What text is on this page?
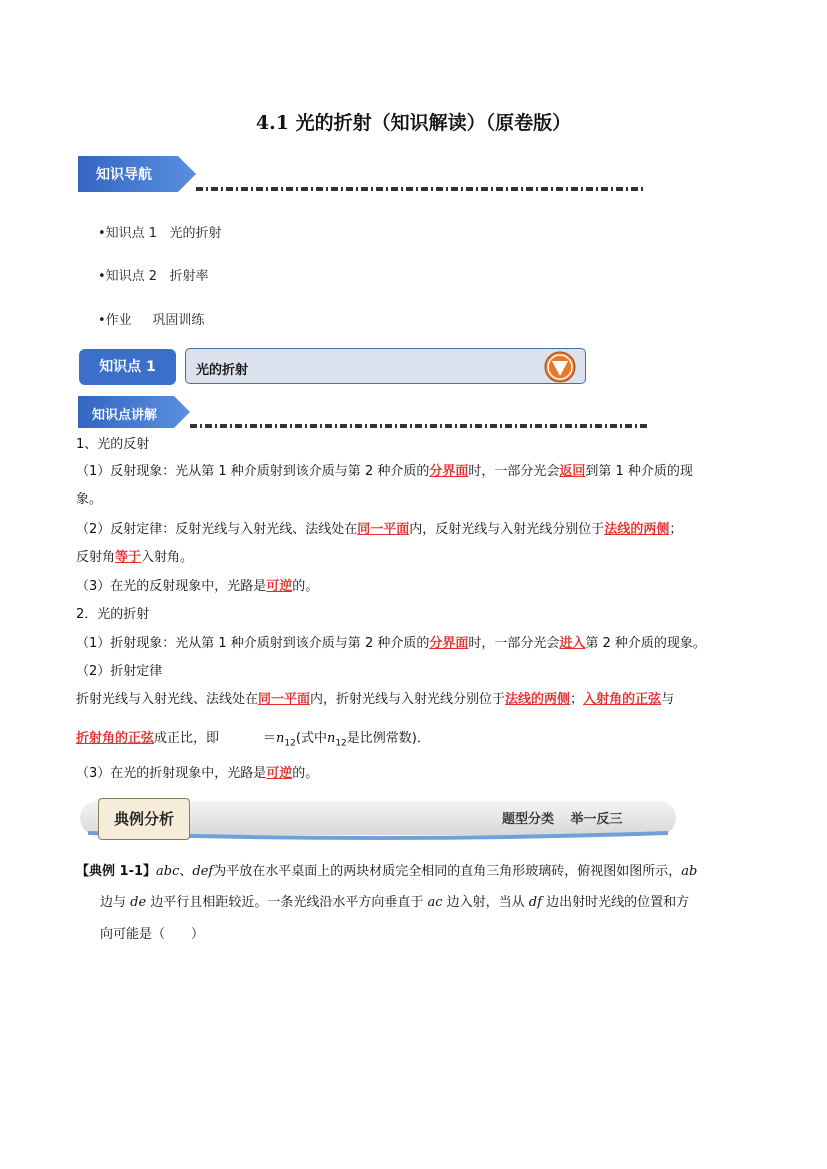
4.1 光的折射（知识解读）（原卷版）
知识导航
•知识点 1 光的折射
•知识点 2 折射率
•作业 巩固训练
知识点 1	光的折射
知识点讲解
1、光的反射
（1）反射现象：光从第 1 种介质射到该介质与第 2 种介质的分界面时，一部分光会返回到第 1 种介质的现
象。
（2）反射定律：反射光线与入射光线、法线处在同一平面内，反射光线与入射光线分别位于法线的两侧；
反射角等于入射角。
（3）在光的反射现象中，光路是可逆的。
2．光的折射
（1）折射现象：光从第 1 种介质射到该介质与第 2 种介质的分界面时，一部分光会进入第 2 种介质的现象。
（2）折射定律
折射光线与入射光线、法线处在同一平面内，折射光线与入射光线分别位于法线的两侧；入射角的正弦与
折射角的正弦成正比，即	$=n_{12}$(式中$n_{12}$是比例常数)．
（3）在光的折射现象中，光路是可逆的。
典例分析	题型分类 举一反三
【典例 1-1】abc、def为平放在水平桌面上的两块材质完全相同的直角三角形玻璃砖，俯视图如图所示，ab
边与 de 边平行且相距较近。一条光线沿水平方向垂直于 ac 边入射，当从 df 边出射时光线的位置和方
向可能是（　　）
